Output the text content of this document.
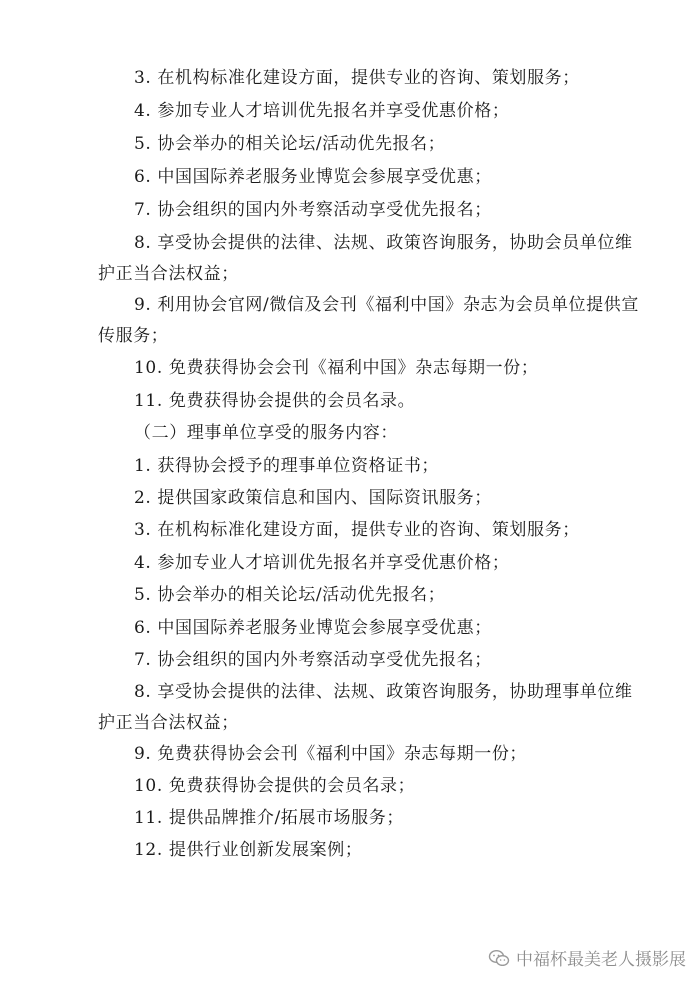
3. 在机构标准化建设方面，提供专业的咨询、策划服务；
4. 参加专业人才培训优先报名并享受优惠价格；
5. 协会举办的相关论坛/活动优先报名；
6. 中国国际养老服务业博览会参展享受优惠；
7. 协会组织的国内外考察活动享受优先报名；
8. 享受协会提供的法律、法规、政策咨询服务，协助会员单位维
护正当合法权益；
9. 利用协会官网/微信及会刊《福利中国》杂志为会员单位提供宣
传服务；
10. 免费获得协会会刊《福利中国》杂志每期一份；
11. 免费获得协会提供的会员名录。
（二）理事单位享受的服务内容：
1. 获得协会授予的理事单位资格证书；
2. 提供国家政策信息和国内、国际资讯服务；
3. 在机构标准化建设方面，提供专业的咨询、策划服务；
4. 参加专业人才培训优先报名并享受优惠价格；
5. 协会举办的相关论坛/活动优先报名；
6. 中国国际养老服务业博览会参展享受优惠；
7. 协会组织的国内外考察活动享受优先报名；
8. 享受协会提供的法律、法规、政策咨询服务，协助理事单位维
护正当合法权益；
9. 免费获得协会会刊《福利中国》杂志每期一份；
10. 免费获得协会提供的会员名录；
11. 提供品牌推介/拓展市场服务；
12. 提供行业创新发展案例；
中福杯最美老人摄影展
